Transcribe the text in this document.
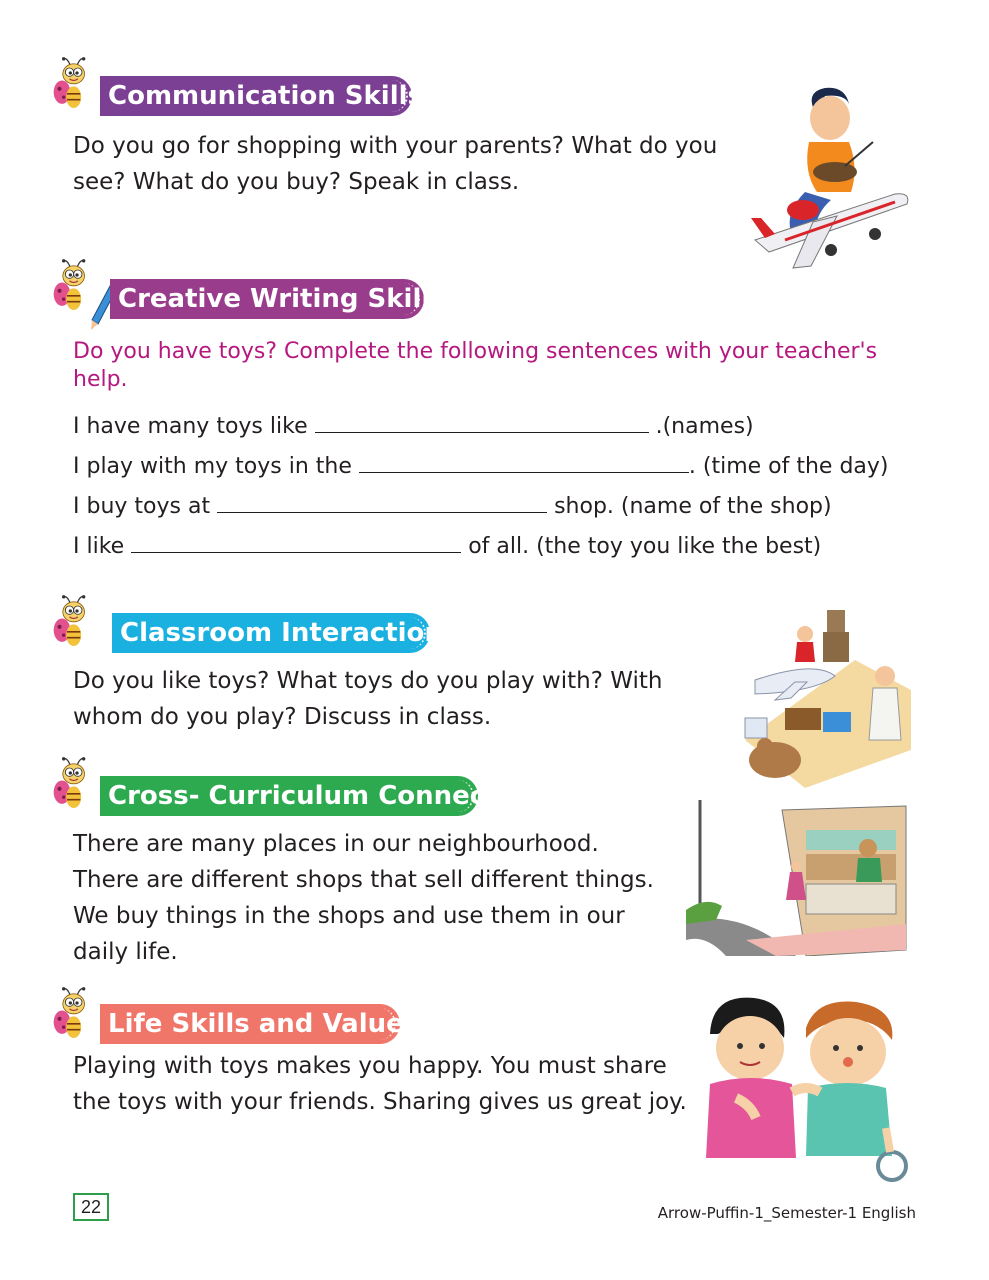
Communication Skills

Do you go for shopping with your parents? What do you
see? What do you buy? Speak in class.

Creative Writing Skills

Do you have toys? Complete the following sentences with your teacher's
help.

I have many toys like	.(names)
I play with my toys in the	. (time of the day)
I buy toys at	shop. (name of the shop)
I like	of all. (the toy you like the best)
Classroom Interaction

Do you like toys? What toys do you play with? With
whom do you play? Discuss in class.

Cross- Curriculum Connect

There are many places in our neighbourhood.
There are different shops that sell different things.
We buy things in the shops and use them in our
daily life.

Life Skills and Values

Playing with toys makes you happy. You must share
the toys with your friends. Sharing gives us great joy.

22	Arrow-Puffin-1_Semester-1 English
